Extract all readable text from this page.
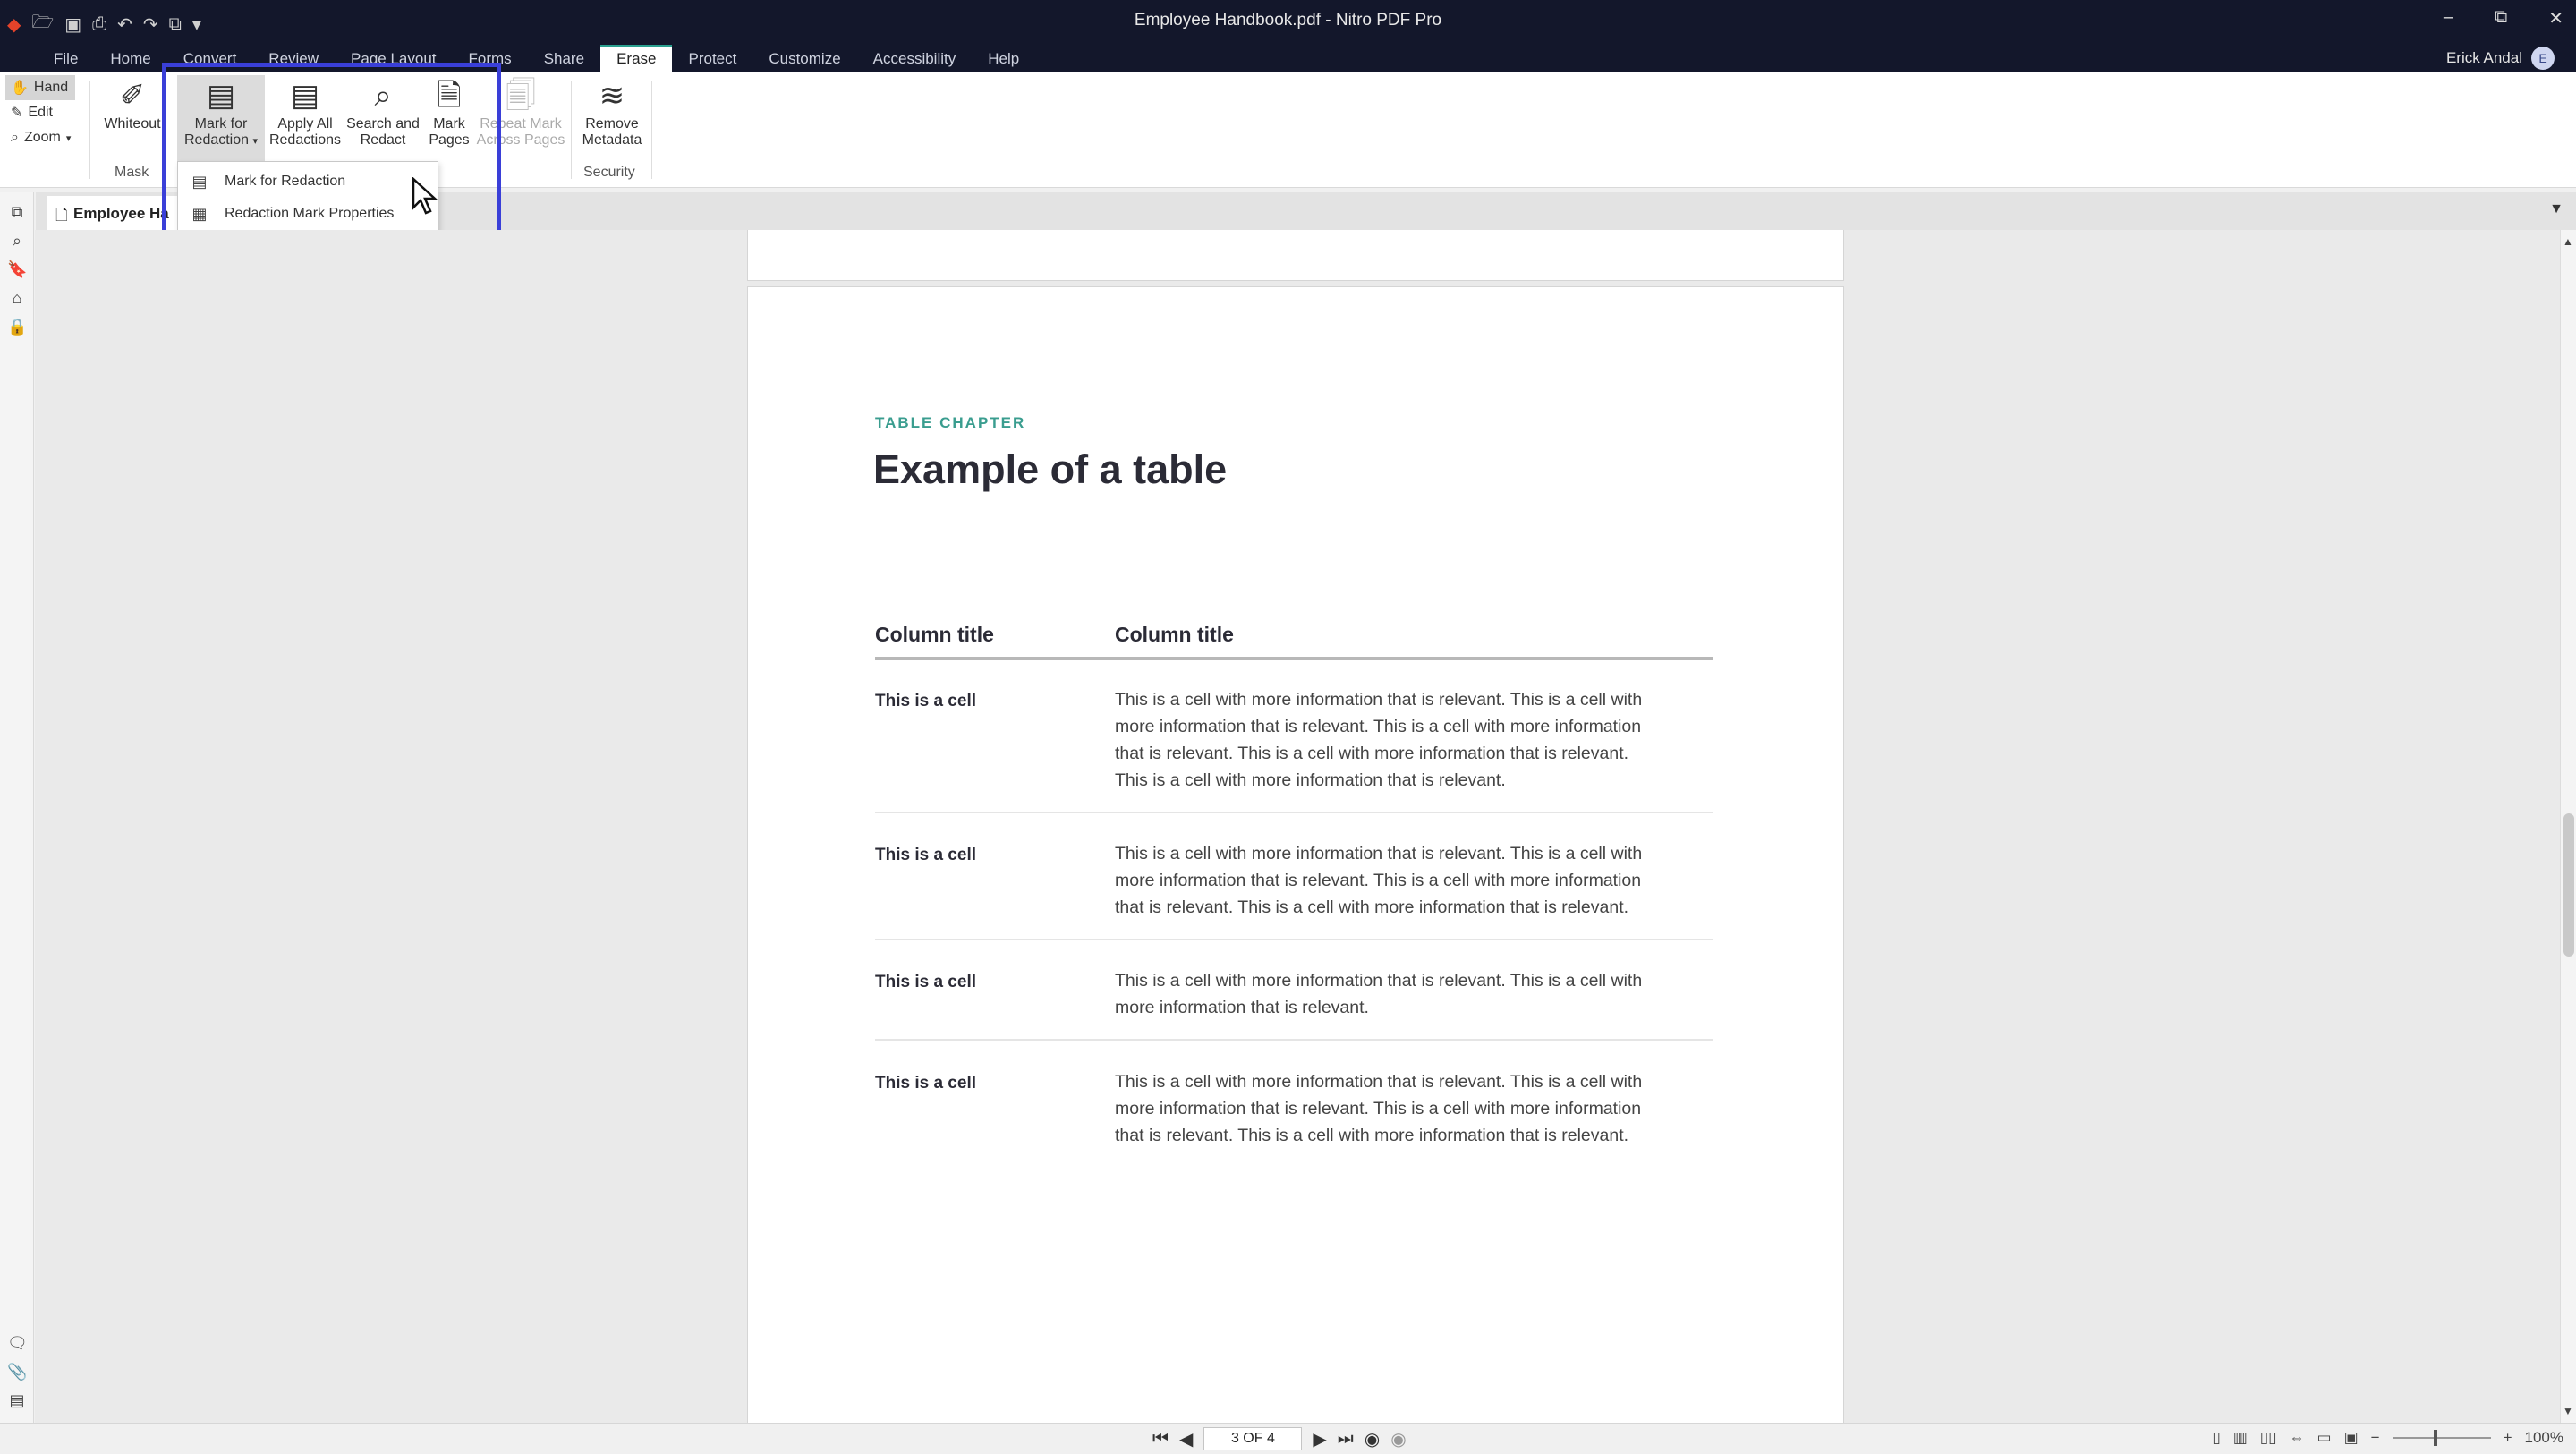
◆ 🗁 ▣ ⎙ ↶ ↷ ⧉ ▾	Employee Handbook.pdf - Nitro PDF Pro	– ⧉ ✕
File	Home	Convert	Review	Page Layout	Forms	Share	Erase	Protect	Customize	Accessibility	Help	Erick Andal	E
✋ Hand
✎ Edit
⌕ Zoom ▾
✐
Whiteout
▤
Mark for
Redaction ▾
▤
Apply All
Redactions
⌕
Search and
Redact
🗎
Mark
Pages
🗐
Repeat Mark
Across Pages
≋
Remove
Metadata
Mask	Security
🗋 Employee Ha	▼
▤ Mark for Redaction
▦ Redaction Mark Properties
⧉
⌕
🔖
⌂
🔒
🗨
📎
▤
TABLE CHAPTER
Example of a table
Column title	Column title
This is a cell	This is a cell with more information that is relevant. This is a cell with
more information that is relevant. This is a cell with more information
that is relevant. This is a cell with more information that is relevant.
This is a cell with more information that is relevant.
This is a cell	This is a cell with more information that is relevant. This is a cell with
more information that is relevant. This is a cell with more information
that is relevant. This is a cell with more information that is relevant.
This is a cell	This is a cell with more information that is relevant. This is a cell with
more information that is relevant.
This is a cell	This is a cell with more information that is relevant. This is a cell with
more information that is relevant. This is a cell with more information
that is relevant. This is a cell with more information that is relevant.
▲
▼
⏮ ◀	3 OF 4	▶ ⏭ ◉ ◉	▯ ▥ ▯▯ ⇔ ▭ ▣ −	+ 100%
